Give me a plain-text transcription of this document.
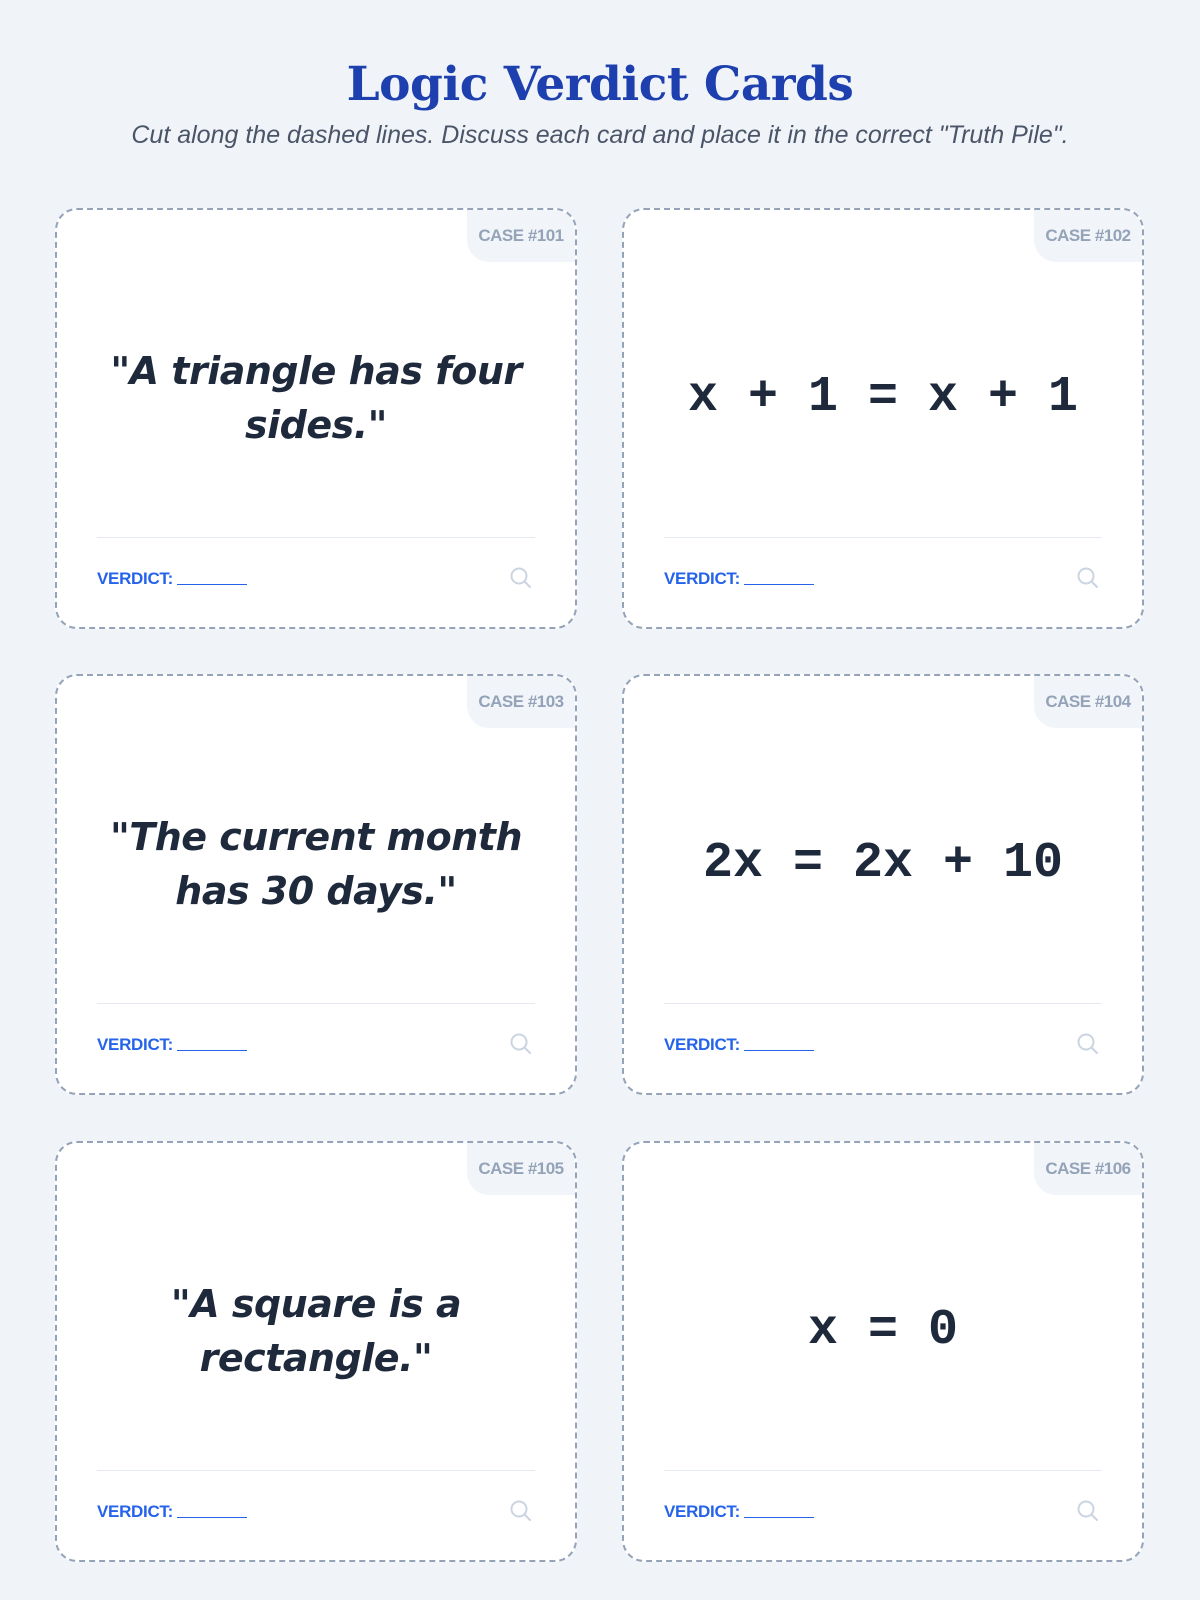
Logic Verdict Cards
Cut along the dashed lines. Discuss each card and place it in the correct "Truth Pile".
CASE #101
"A triangle has four sides."
VERDICT:
CASE #102
x + 1 = x + 1
VERDICT:
CASE #103
"The current month has 30 days."
VERDICT:
CASE #104
2x = 2x + 10
VERDICT:
CASE #105
"A square is a rectangle."
VERDICT:
CASE #106
x = 0
VERDICT:
